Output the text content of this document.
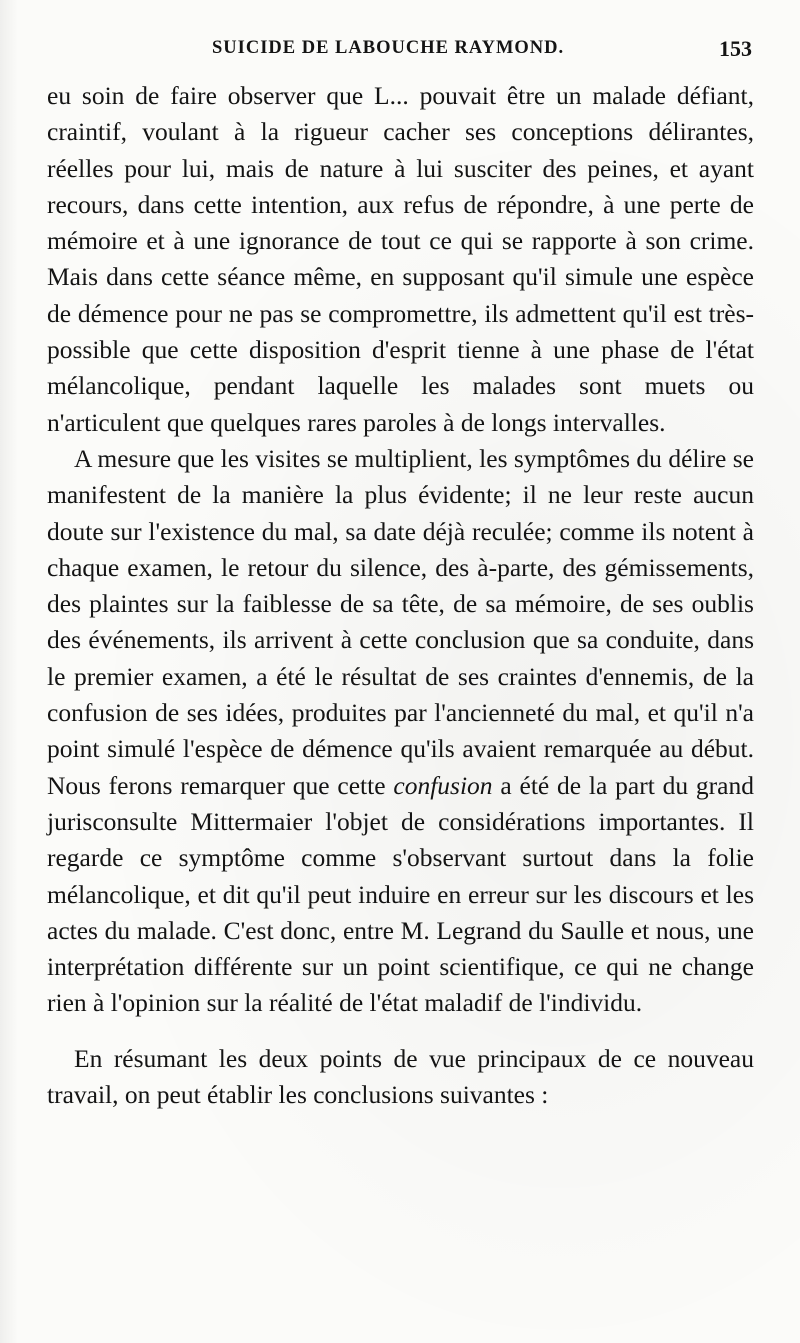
SUICIDE DE LABOUCHE RAYMOND.	153

eu soin de faire observer que L... pouvait être un malade défiant, craintif, voulant à la rigueur cacher ses conceptions délirantes, réelles pour lui, mais de nature à lui susciter des peines, et ayant recours, dans cette intention, aux refus de répondre, à une perte de mémoire et à une ignorance de tout ce qui se rapporte à son crime. Mais dans cette séance même, en supposant qu'il simule une espèce de démence pour ne pas se compromettre, ils admettent qu'il est très-possible que cette disposition d'esprit tienne à une phase de l'état mélancolique, pendant laquelle les malades sont muets ou n'articulent que quelques rares paroles à de longs intervalles.

A mesure que les visites se multiplient, les symptômes du délire se manifestent de la manière la plus évidente; il ne leur reste aucun doute sur l'existence du mal, sa date déjà reculée; comme ils notent à chaque examen, le retour du silence, des à-parte, des gémissements, des plaintes sur la faiblesse de sa tête, de sa mémoire, de ses oublis des événements, ils arrivent à cette conclusion que sa conduite, dans le premier examen, a été le résultat de ses craintes d'ennemis, de la confusion de ses idées, produites par l'ancienneté du mal, et qu'il n'a point simulé l'espèce de démence qu'ils avaient remarquée au début. Nous ferons remarquer que cette confusion a été de la part du grand jurisconsulte Mittermaier l'objet de considérations importantes. Il regarde ce symptôme comme s'observant surtout dans la folie mélancolique, et dit qu'il peut induire en erreur sur les discours et les actes du malade. C'est donc, entre M. Legrand du Saulle et nous, une interprétation différente sur un point scientifique, ce qui ne change rien à l'opinion sur la réalité de l'état maladif de l'individu.

En résumant les deux points de vue principaux de ce nouveau travail, on peut établir les conclusions suivantes :
